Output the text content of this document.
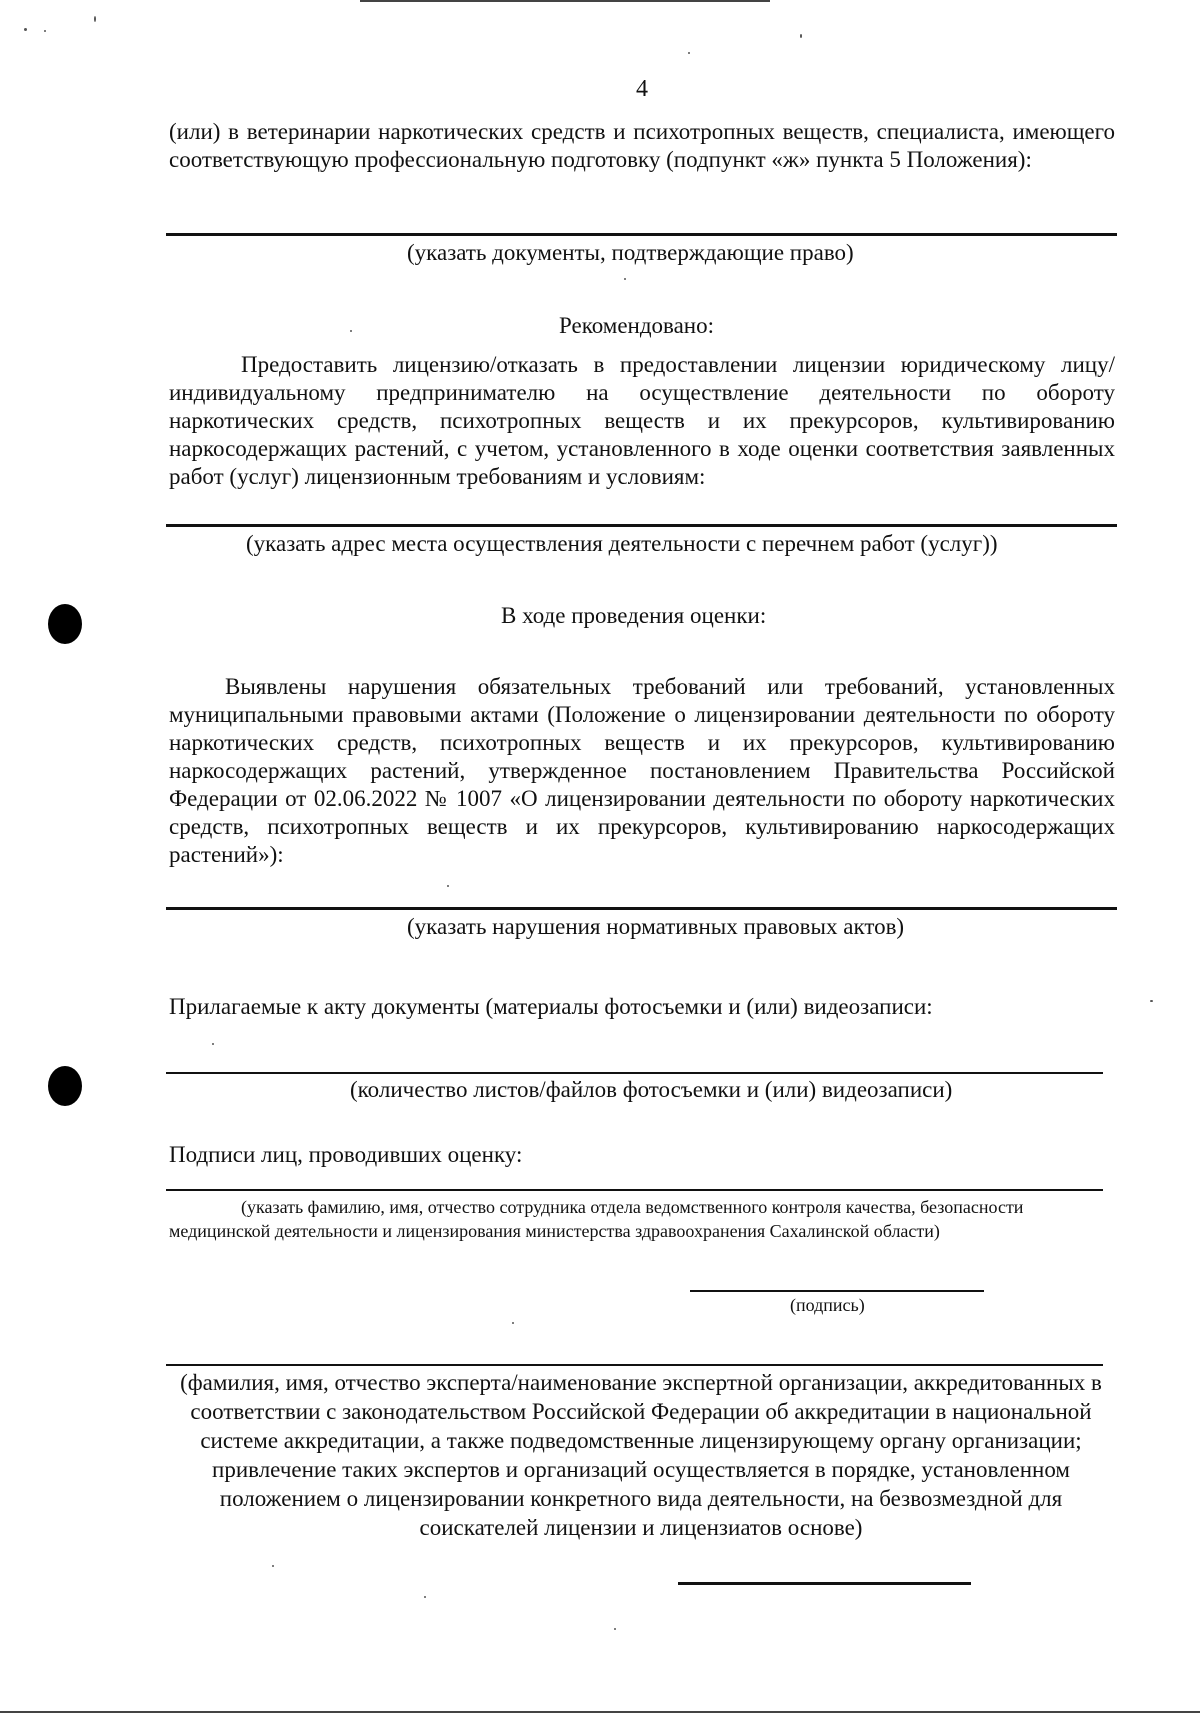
4

(или) в ветеринарии наркотических средств и психотропных веществ, специалиста, имеющего соответствующую профессиональную подготовку (подпункт «ж» пункта 5 Положения):

(указать документы, подтверждающие право)
Рекомендовано:

Предоставить лицензию/отказать в предоставлении лицензии юридическому лицу/индивидуальному предпринимателю на осуществление деятельности по обороту наркотических средств, психотропных веществ и их прекурсоров, культивированию наркосодержащих растений, с учетом, установленного в ходе оценки соответствия заявленных работ (услуг) лицензионным требованиям и условиям:

(указать адрес места осуществления деятельности с перечнем работ (услуг))
В ходе проведения оценки:

Выявлены нарушения обязательных требований или требований, установленных муниципальными правовыми актами (Положение о лицензировании деятельности по обороту наркотических средств, психотропных веществ и их прекурсоров, культивированию наркосодержащих растений, утвержденное постановлением Правительства Российской Федерации от 02.06.2022 № 1007 «О лицензировании деятельности по обороту наркотических средств, психотропных веществ и их прекурсоров, культивированию наркосодержащих растений»):

(указать нарушения нормативных правовых актов)
Прилагаемые к акту документы (материалы фотосъемки и (или) видеозаписи:
(количество листов/файлов фотосъемки и (или) видеозаписи)
Подписи лиц, проводивших оценку:

(указать фамилию, имя, отчество сотрудника отдела ведомственного контроля качества, безопасности медицинской деятельности и лицензирования министерства здравоохранения Сахалинской области)

(подпись)

(фамилия, имя, отчество эксперта/наименование экспертной организации, аккредитованных в соответствии с законодательством Российской Федерации об аккредитации в национальной системе аккредитации, а также подведомственные лицензирующему органу организации; привлечение таких экспертов и организаций осуществляется в порядке, установленном положением о лицензировании конкретного вида деятельности, на безвозмездной для соискателей лицензии и лицензиатов основе)
